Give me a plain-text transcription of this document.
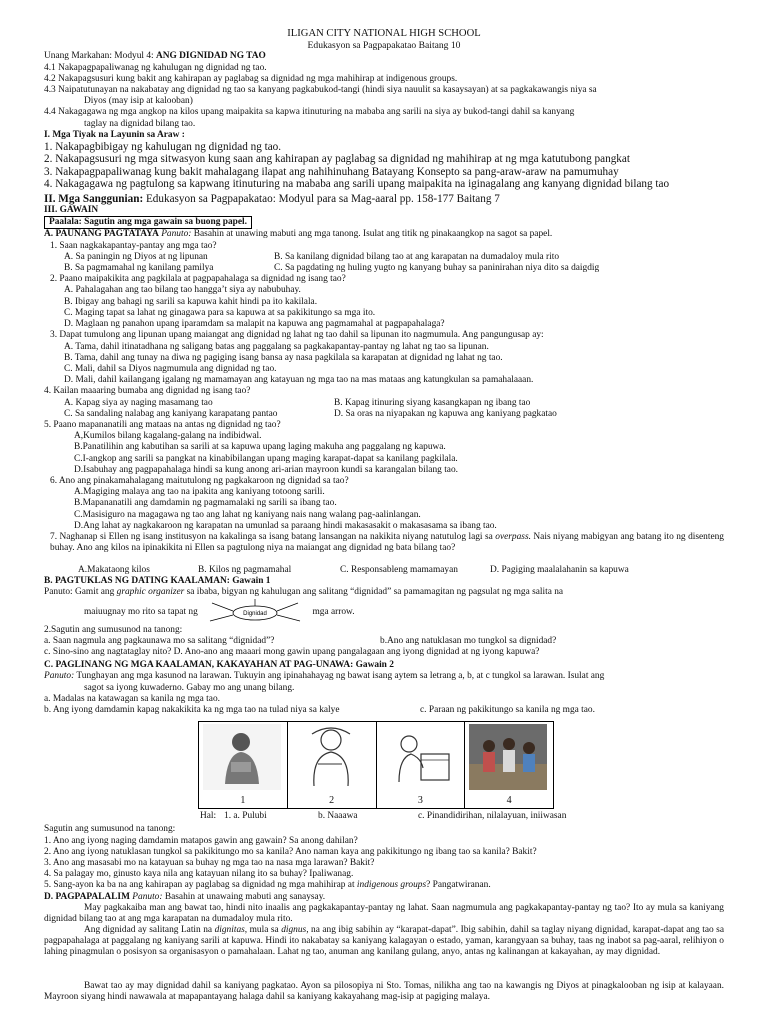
ILIGAN CITY NATIONAL HIGH SCHOOL
Edukasyon sa Pagpapakatao Baitang 10
Unang Markahan: Modyul 4: ANG DIGNIDAD NG TAO
4.1 Nakapagpapaliwanag ng kahulugan ng dignidad ng tao.
4.2 Nakapagsusuri kung bakit ang kahirapan ay paglabag sa dignidad ng mga mahihirap at indigenous groups.
4.3 Naipatutunayan na nakabatay ang dignidad ng tao sa kanyang pagkabukod-tangi (hindi siya nauulit sa kasaysayan) at sa pagkakawangis niya sa
Diyos (may isip at kalooban)
4.4 Nakagagawa ng mga angkop na kilos upang maipakita sa kapwa itinuturing na mababa ang sarili na siya ay bukod-tangi dahil sa kanyang
taglay na dignidad bilang tao.
I. Mga Tiyak na Layunin sa Araw :
1. Nakapagbibigay ng kahulugan ng dignidad ng tao.
2. Nakapagsusuri ng mga sitwasyon kung saan ang kahirapan ay paglabag sa dignidad ng mahihirap at ng mga katutubong pangkat
3. Nakapagpapaliwanag kung bakit mahalagang ilapat ang nahihinuhang Batayang Konsepto sa pang-araw-araw na pamumuhay
4. Nakagagawa ng pagtulong sa kapwang itinuturing na mababa ang sarili upang maipakita na iginagalang ang kanyang dignidad bilang tao
II. Mga Sanggunian: Edukasyon sa Pagpapakatao: Modyul para sa Mag-aaral pp. 158-177 Baitang 7
III. GAWAIN
Paalala: Sagutin ang mga gawain sa buong papel.
A. PAUNANG PAGTATAYA Panuto: Basahin at unawing mabuti ang mga tanong. Isulat ang titik ng pinakaangkop na sagot sa papel.
1. Saan nagkakapantay-pantay ang mga tao?
A. Sa paningin ng Diyos at ng lipunan	B. Sa kanilang dignidad bilang tao at ang karapatan na dumadaloy mula rito
B. Sa pagmamahal ng kanilang pamilya	C. Sa pagdating ng huling yugto ng kanyang buhay sa paninirahan niya dito sa daigdig
2. Paano maipakikita ang pagkilala at pagpapahalaga sa dignidad ng isang tao?
A. Pahalagahan ang tao bilang tao hangga’t siya ay nabubuhay.
B. Ibigay ang bahagi ng sarili sa kapuwa kahit hindi pa ito kakilala.
C. Maging tapat sa lahat ng ginagawa para sa kapuwa at sa pakikitungo sa mga ito.
D. Maglaan ng panahon upang iparamdam sa malapit na kapuwa ang pagmamahal at pagpapahalaga?
3. Dapat tumulong ang lipunan upang maiangat ang dignidad ng lahat ng tao dahil sa lipunan ito nagmumula. Ang pangungusap ay:
A. Tama, dahil itinatadhana ng saligang batas ang paggalang sa pagkakapantay-pantay ng lahat ng tao sa lipunan.
B. Tama, dahil ang tunay na diwa ng pagiging isang bansa ay nasa pagkilala sa karapatan at dignidad ng lahat ng tao.
C. Mali, dahil sa Diyos nagmumula ang dignidad ng tao.
D. Mali, dahil kailangang igalang ng mamamayan ang katayuan ng mga tao na mas mataas ang katungkulan sa pamahalaaan.
4. Kailan maaaring bumaba ang dignidad ng isang tao?
A. Kapag siya ay naging masamang tao	B. Kapag itinuring siyang kasangkapan ng ibang tao
C. Sa sandaling nalabag ang kaniyang karapatang pantao	D. Sa oras na niyapakan ng kapuwa ang kaniyang pagkatao
5. Paano mapananatili ang mataas na antas ng dignidad ng tao?
A,Kumilos bilang kagalang-galang na indibidwal.
B.Panatilihin ang kabutihan sa sarili at sa kapuwa upang laging makuha ang paggalang ng kapuwa.
C.I-angkop ang sarili sa pangkat na kinabibilangan upang maging karapat-dapat sa kanilang pagkilala.
D.Isabuhay ang pagpapahalaga hindi sa kung anong ari-arian mayroon kundi sa karangalan bilang tao.
6. Ano ang pinakamahalagang maitutulong ng pagkakaroon ng dignidad sa tao?
A.Magiging malaya ang tao na ipakita ang kaniyang totoong sarili.
B.Mapananatili ang damdamin ng pagmamalaki ng sarili sa ibang tao.
C.Masisiguro na magagawa ng tao ang lahat ng kaniyang nais nang walang pag-aalinlangan.
D.Ang lahat ay nagkakaroon ng karapatan na umunlad sa paraang hindi makasasakit o makasasama sa ibang tao.
7. Naghanap si Ellen ng isang institusyon na kakalinga sa isang batang lansangan na nakikita niyang natutulog lagi sa overpass. Nais niyang mabigyan ang batang ito ng disenteng buhay. Ano ang kilos na ipinakikita ni Ellen sa pagtulong niya na maiangat ang dignidad ng bata bilang tao?
A.Makataong kilos	B. Kilos ng pagmamahal	C. Responsableng mamamayan	D. Pagiging maalalahanin sa kapuwa
B. PAGTUKLAS NG DATING KAALAMAN: Gawain 1
Panuto: Gamit ang graphic organizer sa ibaba, bigyan ng kahulugan ang salitang “dignidad” sa pamamagitan ng pagsulat ng mga salita na
maiuugnay mo rito sa tapat ng	Dignidad	mga arrow.
2.Sagutin ang sumusunod na tanong:
a. Saan nagmula ang pagkaunawa mo sa salitang “dignidad”?	b.Ano ang natuklasan mo tungkol sa dignidad?
c. Sino-sino ang nagtataglay nito? D. Ano-ano ang maaari mong gawin upang pangalagaan ang iyong dignidad at ng iyong kapuwa?
C. PAGLINANG NG MGA KAALAMAN, KAKAYAHAN AT PAG-UNAWA: Gawain 2
Panuto: Tunghayan ang mga kasunod na larawan. Tukuyin ang ipinahahayag ng bawat isang aytem sa letrang a, b, at c tungkol sa larawan. Isulat ang
sagot sa iyong kuwaderno. Gabay mo ang unang bilang.
a. Madalas na katawagan sa kanila ng mga tao.
b. Ang iyong damdamin kapag nakakikita ka ng mga tao na tulad niya sa kalye	c. Paraan ng pakikitungo sa kanila ng mga tao.
1	2	3	4
Hal: 1. a. Pulubi	b. Naaawa	c. Pinandidirihan, nilalayuan, iniiwasan
Sagutin ang sumusunod na tanong:
1. Ano ang iyong naging damdamin matapos gawin ang gawain? Sa anong dahilan?
2. Ano ang iyong natuklasan tungkol sa pakikitungo mo sa kanila? Ano naman kaya ang pakikitungo ng ibang tao sa kanila? Bakit?
3. Ano ang masasabi mo na katayuan sa buhay ng mga tao na nasa mga larawan? Bakit?
4. Sa palagay mo, ginusto kaya nila ang katayuan nilang ito sa buhay? Ipaliwanag.
5. Sang-ayon ka ba na ang kahirapan ay paglabag sa dignidad ng mga mahihirap at indigenous groups? Pangatwiranan.
D. PAGPAPALALIM Panuto: Basahin at unawaing mabuti ang sanaysay.
May pagkakaiba man ang bawat tao, hindi nito inaalis ang pagkakapantay-pantay ng lahat. Saan nagmumula ang pagkakapantay-pantay ng tao? Ito ay mula sa kaniyang dignidad bilang tao at ang mga karapatan na dumadaloy mula rito.
Ang dignidad ay salitang Latin na dignitas, mula sa dignus, na ang ibig sabihin ay “karapat-dapat”. Ibig sabihin, dahil sa taglay niyang dignidad, karapat-dapat ang tao sa pagpapahalaga at paggalang ng kaniyang sarili at kapuwa. Hindi ito nakabatay sa kaniyang kalagayan o estado, yaman, karangyaan sa buhay, taas ng inabot sa pag-aaral, relihiyon o lahing pinagmulan o posisyon sa organisasyon o pamahalaan. Lahat ng tao, anuman ang kanilang gulang, anyo, antas ng kalinangan at kakayahan, ay may dignidad.
Bawat tao ay may dignidad dahil sa kaniyang pagkatao. Ayon sa pilosopiya ni Sto. Tomas, nilikha ang tao na kawangis ng Diyos at pinagkalooban ng isip at kalayaan. Mayroon siyang hindi nawawala at mapapantayang halaga dahil sa kaniyang kakayahang mag-isip at pagiging malaya.
